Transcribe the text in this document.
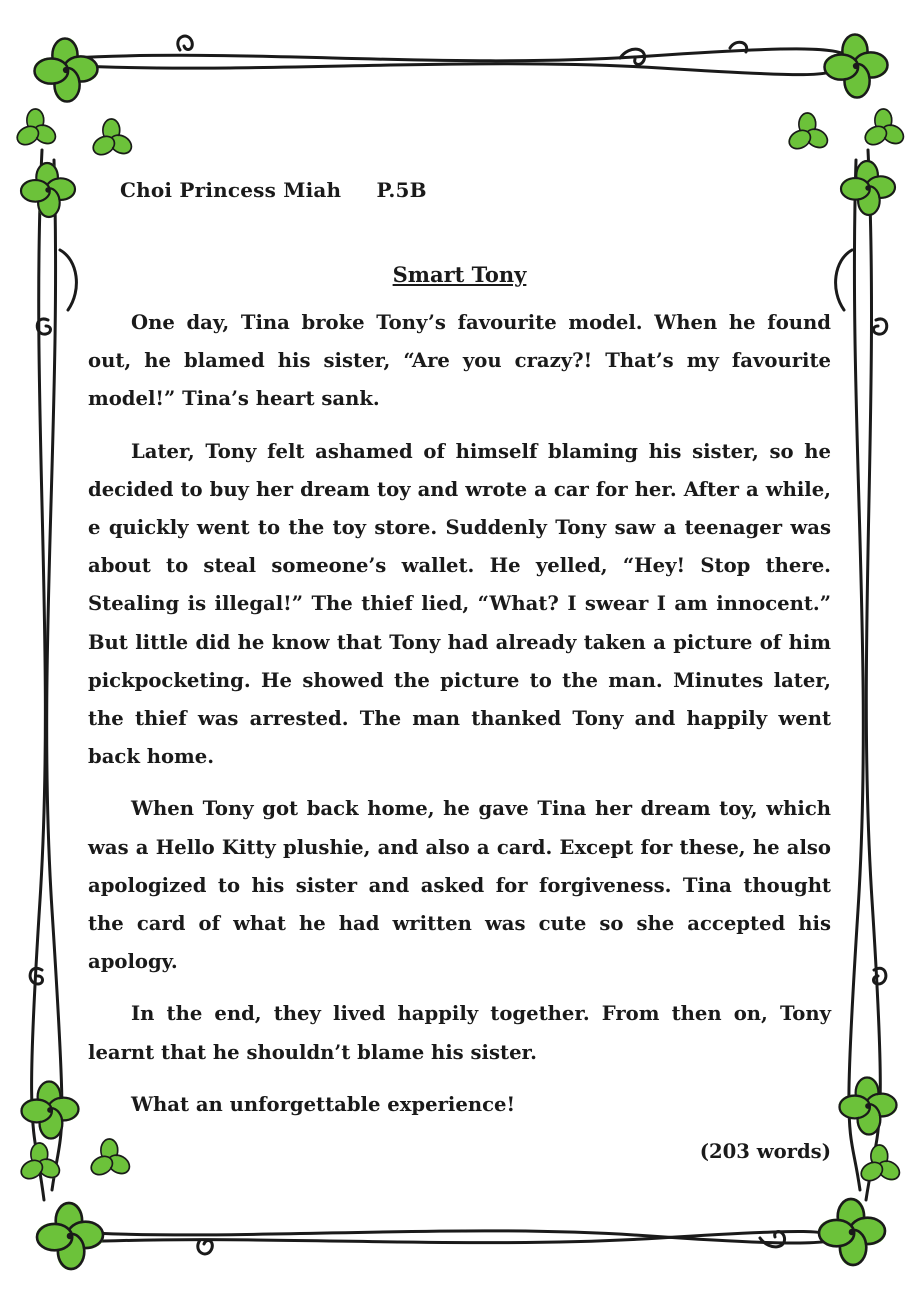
Choi Princess Miah P.5B
Smart Tony

One day, Tina broke Tony’s favourite model. When he found out, he blamed his sister, “Are you crazy?! That’s my favourite model!” Tina’s heart sank.

Later, Tony felt ashamed of himself blaming his sister, so he decided to buy her dream toy and wrote a car for her. After a while, e quickly went to the toy store. Suddenly Tony saw a teenager was about to steal someone’s wallet. He yelled, “Hey! Stop there. Stealing is illegal!” The thief lied, “What? I swear I am innocent.” But little did he know that Tony had already taken a picture of him pickpocketing. He showed the picture to the man. Minutes later, the thief was arrested. The man thanked Tony and happily went back home.

When Tony got back home, he gave Tina her dream toy, which was a Hello Kitty plushie, and also a card. Except for these, he also apologized to his sister and asked for forgiveness. Tina thought the card of what he had written was cute so she accepted his apology.

In the end, they lived happily together. From then on, Tony learnt that he shouldn’t blame his sister.

What an unforgettable experience!

(203 words)
